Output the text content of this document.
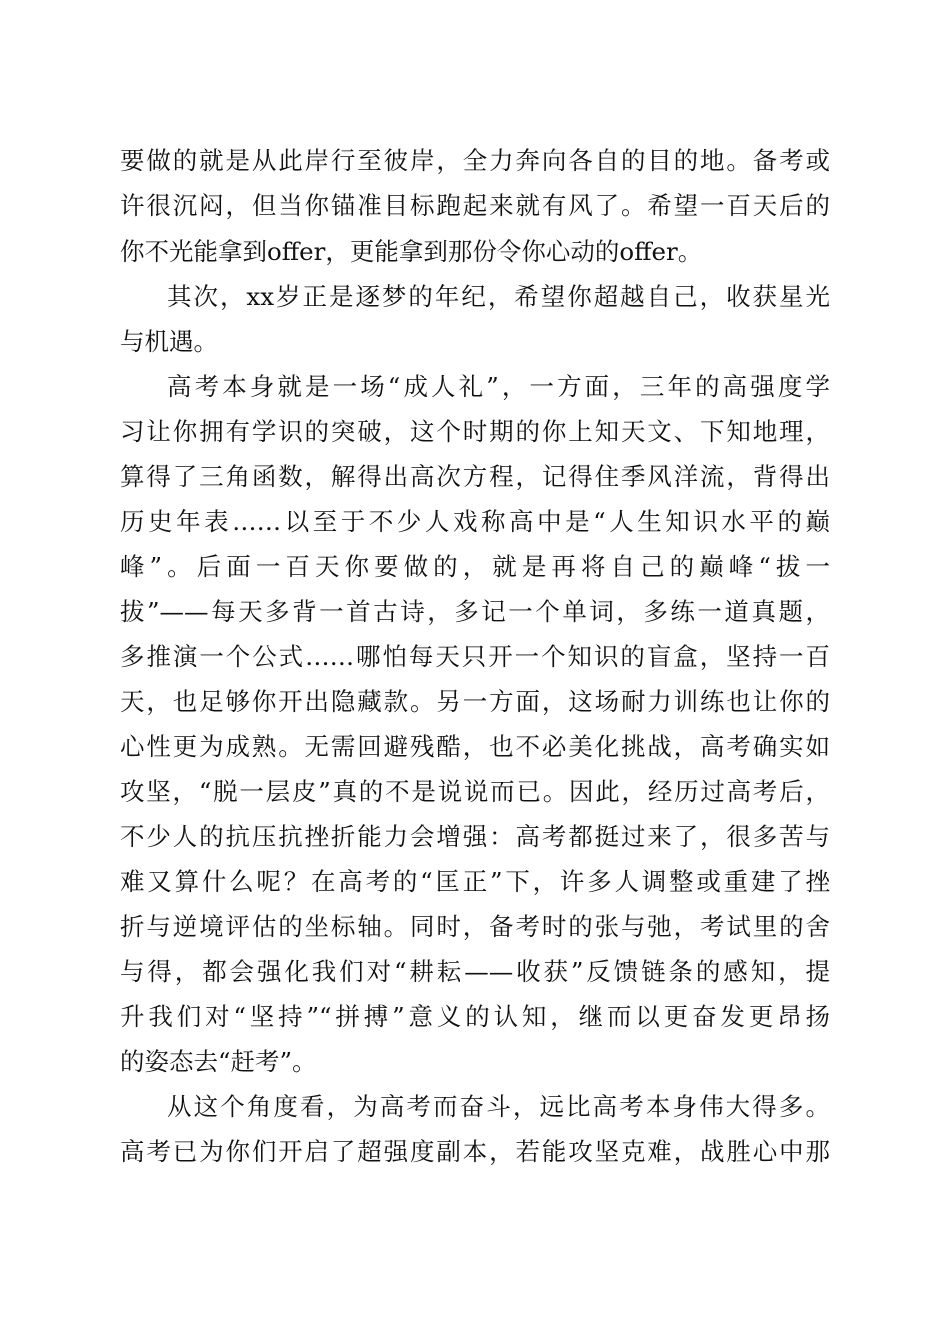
要做的就是从此岸行至彼岸，全力奔向各自的目的地。备考或
许很沉闷，但当你锚准目标跑起来就有风了。希望一百天后的
你不光能拿到offer，更能拿到那份令你心动的offer。
其次，xx岁正是逐梦的年纪，希望你超越自己，收获星光
与机遇。
高考本身就是一场“成人礼”，一方面，三年的高强度学
习让你拥有学识的突破，这个时期的你上知天文、下知地理，
算得了三角函数，解得出高次方程，记得住季风洋流，背得出
历史年表……以至于不少人戏称高中是“人生知识水平的巅
峰”。后面一百天你要做的，就是再将自己的巅峰“拔一
拔”——每天多背一首古诗，多记一个单词，多练一道真题，
多推演一个公式……哪怕每天只开一个知识的盲盒，坚持一百
天，也足够你开出隐藏款。另一方面，这场耐力训练也让你的
心性更为成熟。无需回避残酷，也不必美化挑战，高考确实如
攻坚，“脱一层皮”真的不是说说而已。因此，经历过高考后，
不少人的抗压抗挫折能力会增强：高考都挺过来了，很多苦与
难又算什么呢？在高考的“匡正”下，许多人调整或重建了挫
折与逆境评估的坐标轴。同时，备考时的张与弛，考试里的舍
与得，都会强化我们对“耕耘——收获”反馈链条的感知，提
升我们对“坚持”“拼搏”意义的认知，继而以更奋发更昂扬
的姿态去“赶考”。
从这个角度看，为高考而奋斗，远比高考本身伟大得多。
高考已为你们开启了超强度副本，若能攻坚克难，战胜心中那
